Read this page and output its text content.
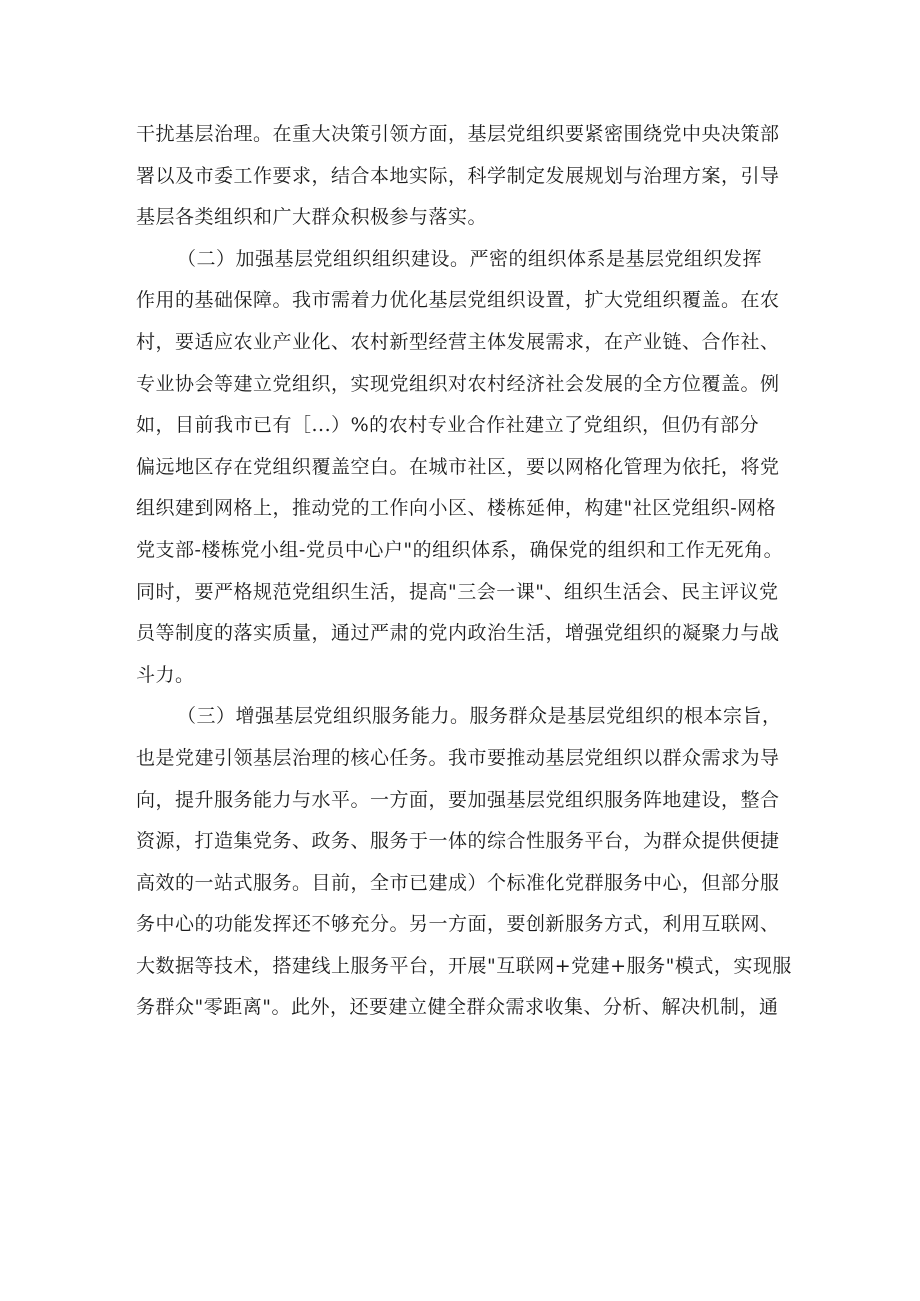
干扰基层治理。在重大决策引领方面，基层党组织要紧密围绕党中央决策部
署以及市委工作要求，结合本地实际，科学制定发展规划与治理方案，引导
基层各类组织和广大群众积极参与落实。
（二）加强基层党组织组织建设。严密的组织体系是基层党组织发挥
作用的基础保障。我市需着力优化基层党组织设置，扩大党组织覆盖。在农
村，要适应农业产业化、农村新型经营主体发展需求，在产业链、合作社、
专业协会等建立党组织，实现党组织对农村经济社会发展的全方位覆盖。例
如，目前我市已有［...）%的农村专业合作社建立了党组织，但仍有部分
偏远地区存在党组织覆盖空白。在城市社区，要以网格化管理为依托，将党
组织建到网格上，推动党的工作向小区、楼栋延伸，构建"社区党组织-网格
党支部-楼栋党小组-党员中心户"的组织体系，确保党的组织和工作无死角。
同时，要严格规范党组织生活，提高"三会一课"、组织生活会、民主评议党
员等制度的落实质量，通过严肃的党内政治生活，增强党组织的凝聚力与战
斗力。
（三）增强基层党组织服务能力。服务群众是基层党组织的根本宗旨，
也是党建引领基层治理的核心任务。我市要推动基层党组织以群众需求为导
向，提升服务能力与水平。一方面，要加强基层党组织服务阵地建设，整合
资源，打造集党务、政务、服务于一体的综合性服务平台，为群众提供便捷
高效的一站式服务。目前，全市已建成）个标准化党群服务中心，但部分服
务中心的功能发挥还不够充分。另一方面，要创新服务方式，利用互联网、
大数据等技术，搭建线上服务平台，开展"互联网+党建+服务"模式，实现服
务群众"零距离"。此外，还要建立健全群众需求收集、分析、解决机制，通
